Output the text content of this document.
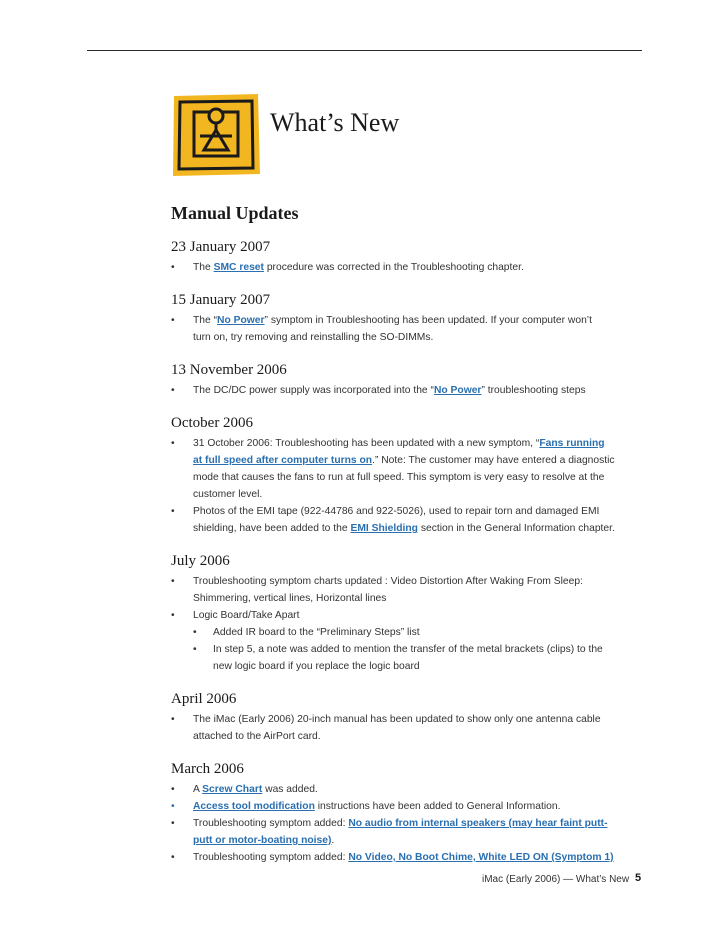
What’s New
Manual Updates
23 January 2007
• The SMC reset procedure was corrected in the Troubleshooting chapter.
15 January 2007
• The “No Power” symptom in Troubleshooting has been updated. If your computer won’t
turn on, try removing and reinstalling the SO-DIMMs.
13 November 2006
• The DC/DC power supply was incorporated into the “No Power” troubleshooting steps
October 2006
• 31 October 2006: Troubleshooting has been updated with a new symptom, “Fans running
at full speed after computer turns on.” Note: The customer may have entered a diagnostic
mode that causes the fans to run at full speed. This symptom is very easy to resolve at the
customer level.
• Photos of the EMI tape (922-44786 and 922-5026), used to repair torn and damaged EMI
shielding, have been added to the EMI Shielding section in the General Information chapter.
July 2006
• Troubleshooting symptom charts updated : Video Distortion After Waking From Sleep:
Shimmering, vertical lines, Horizontal lines
• Logic Board/Take Apart
• Added IR board to the “Preliminary Steps” list
• In step 5, a note was added to mention the transfer of the metal brackets (clips) to the
new logic board if you replace the logic board
April 2006
• The iMac (Early 2006) 20-inch manual has been updated to show only one antenna cable
attached to the AirPort card.
March 2006
• A Screw Chart was added.
• Access tool modification instructions have been added to General Information.
• Troubleshooting symptom added: No audio from internal speakers (may hear faint putt-
putt or motor-boating noise).
• Troubleshooting symptom added: No Video, No Boot Chime, White LED ON (Symptom 1)
iMac (Early 2006) — What’s New 5
